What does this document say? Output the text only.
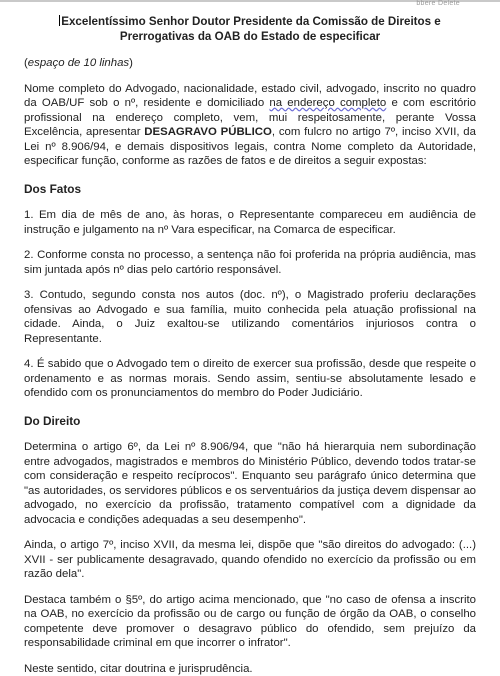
bbere Delete

Excelentíssimo Senhor Doutor Presidente da Comissão de Direitos e Prerrogativas da OAB do Estado de especificar

(espaço de 10 linhas)

Nome completo do Advogado, nacionalidade, estado civil, advogado, inscrito no quadro da OAB/UF sob o nº, residente e domiciliado na endereço completo e com escritório profissional na endereço completo, vem, mui respeitosamente, perante Vossa Excelência, apresentar DESAGRAVO PÚBLICO, com fulcro no artigo 7º, inciso XVII, da Lei nº 8.906/94, e demais dispositivos legais, contra Nome completo da Autoridade, especificar função, conforme as razões de fatos e de direitos a seguir expostas:

Dos Fatos

1. Em dia de mês de ano, às horas, o Representante compareceu em audiência de instrução e julgamento na nº Vara especificar, na Comarca de especificar.

2. Conforme consta no processo, a sentença não foi proferida na própria audiência, mas sim juntada após nº dias pelo cartório responsável.

3. Contudo, segundo consta nos autos (doc. nº), o Magistrado proferiu declarações ofensivas ao Advogado e sua família, muito conhecida pela atuação profissional na cidade. Ainda, o Juiz exaltou-se utilizando comentários injuriosos contra o Representante.

4. É sabido que o Advogado tem o direito de exercer sua profissão, desde que respeite o ordenamento e as normas morais. Sendo assim, sentiu-se absolutamente lesado e ofendido com os pronunciamentos do membro do Poder Judiciário.

Do Direito

Determina o artigo 6º, da Lei nº 8.906/94, que "não há hierarquia nem subordinação entre advogados, magistrados e membros do Ministério Público, devendo todos tratar-se com consideração e respeito recíprocos". Enquanto seu parágrafo único determina que "as autoridades, os servidores públicos e os serventuários da justiça devem dispensar ao advogado, no exercício da profissão, tratamento compatível com a dignidade da advocacia e condições adequadas a seu desempenho".

Ainda, o artigo 7º, inciso XVII, da mesma lei, dispõe que "são direitos do advogado: (...) XVII - ser publicamente desagravado, quando ofendido no exercício da profissão ou em razão dela".

Destaca também o §5º, do artigo acima mencionado, que "no caso de ofensa a inscrito na OAB, no exercício da profissão ou de cargo ou função de órgão da OAB, o conselho competente deve promover o desagravo público do ofendido, sem prejuízo da responsabilidade criminal em que incorrer o infrator".

Neste sentido, citar doutrina e jurisprudência.
